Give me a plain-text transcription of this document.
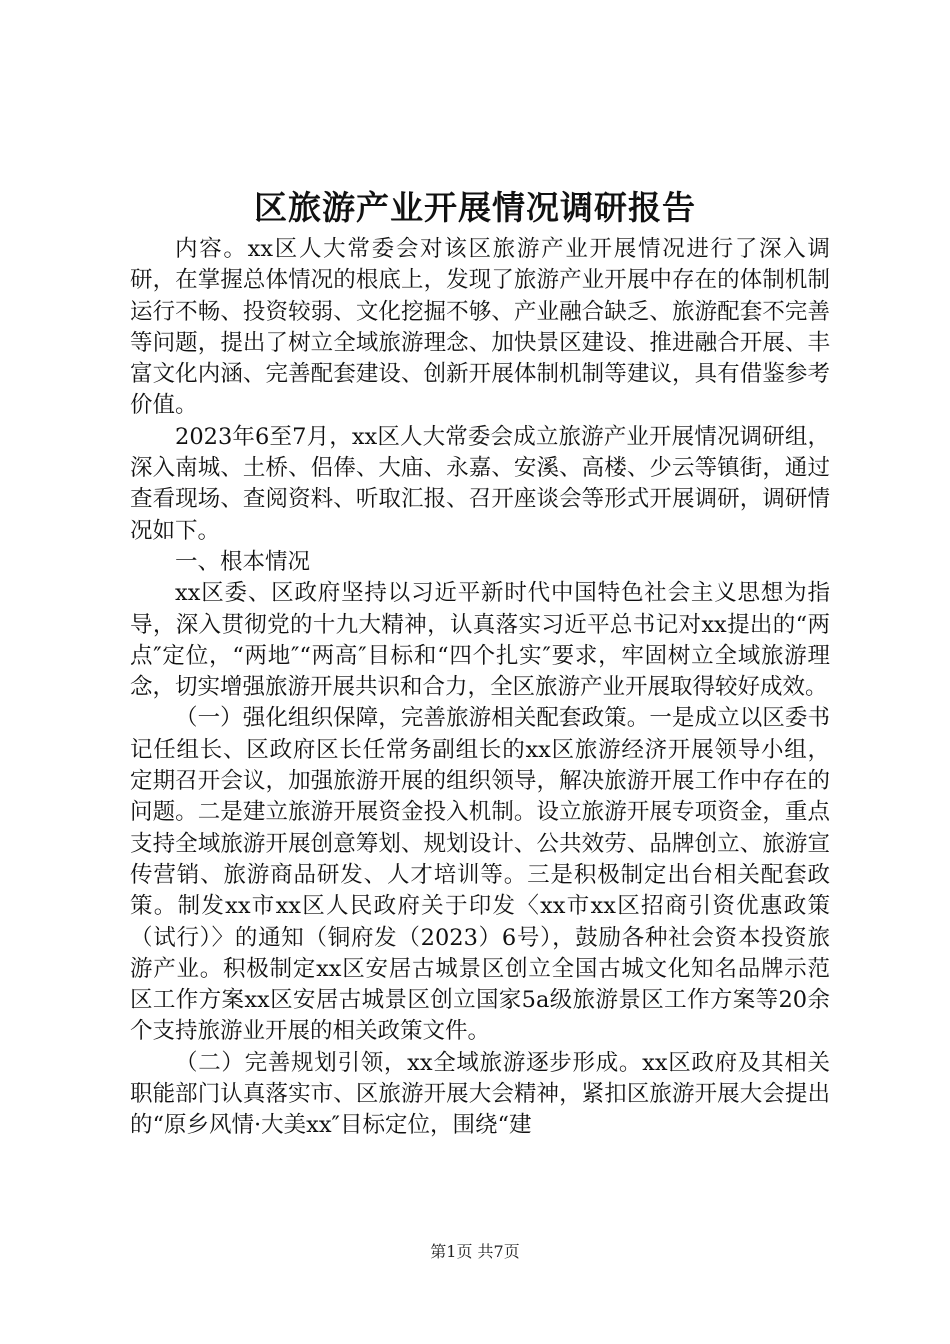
区旅游产业开展情况调研报告

内容。xx区人大常委会对该区旅游产业开展情况进行了深入调研，在掌握总体情况的根底上，发现了旅游产业开展中存在的体制机制运行不畅、投资较弱、文化挖掘不够、产业融合缺乏、旅游配套不完善等问题，提出了树立全域旅游理念、加快景区建设、推进融合开展、丰富文化内涵、完善配套建设、创新开展体制机制等建议，具有借鉴参考价值。

2023年6至7月，xx区人大常委会成立旅游产业开展情况调研组，深入南城、土桥、侣俸、大庙、永嘉、安溪、高楼、少云等镇街，通过查看现场、查阅资料、听取汇报、召开座谈会等形式开展调研，调研情况如下。

一、根本情况

xx区委、区政府坚持以习近平新时代中国特色社会主义思想为指导，深入贯彻党的十九大精神，认真落实习近平总书记对xx提出的“两点″定位，“两地″“两高″目标和“四个扎实″要求，牢固树立全域旅游理念，切实增强旅游开展共识和合力，全区旅游产业开展取得较好成效。

（一）强化组织保障，完善旅游相关配套政策。一是成立以区委书记任组长、区政府区长任常务副组长的xx区旅游经济开展领导小组，定期召开会议，加强旅游开展的组织领导，解决旅游开展工作中存在的问题。二是建立旅游开展资金投入机制。设立旅游开展专项资金，重点支持全域旅游开展创意筹划、规划设计、公共效劳、品牌创立、旅游宣传营销、旅游商品研发、人才培训等。三是积极制定出台相关配套政策。制发xx市xx区人民政府关于印发〈xx市xx区招商引资优惠政策（试行）〉的通知（铜府发（2023）6号），鼓励各种社会资本投资旅游产业。积极制定xx区安居古城景区创立全国古城文化知名品牌示范区工作方案xx区安居古城景区创立国家5a级旅游景区工作方案等20余个支持旅游业开展的相关政策文件。

（二）完善规划引领，xx全域旅游逐步形成。xx区政府及其相关职能部门认真落实市、区旅游开展大会精神，紧扣区旅游开展大会提出的“原乡风情·大美xx″目标定位，围绕“建

第1页 共7页
